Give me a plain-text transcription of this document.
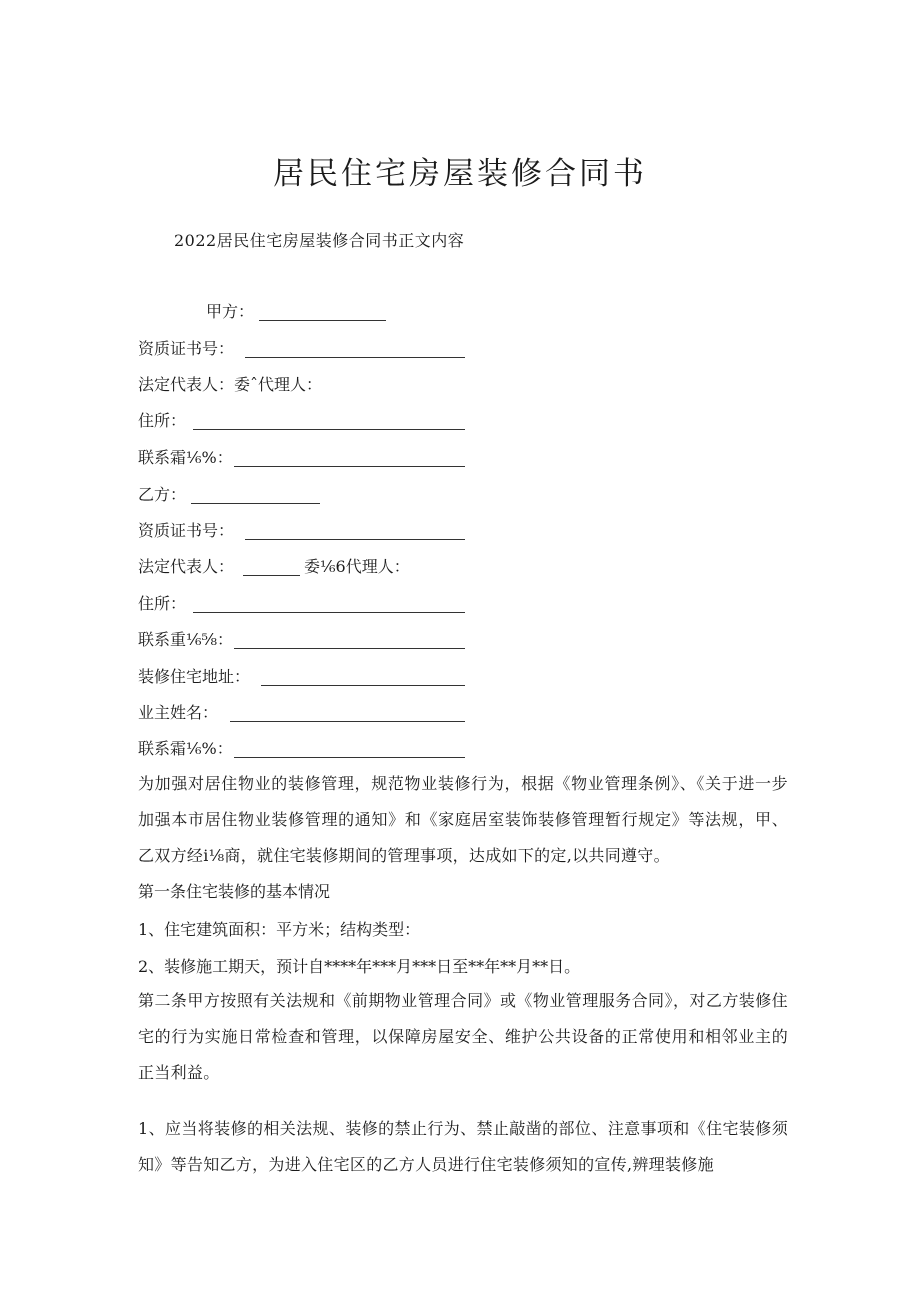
居民住宅房屋装修合同书

2022居民住宅房屋装修合同书正文内容

甲方：
资质证书号：
法定代表人：委ˆ代理人：
住所：
联系霜⅙%：
乙方：
资质证书号：
法定代表人：	委⅙6代理人：
住所：
联系重⅙⅝：
装修住宅地址：
业主姓名：
联系霜⅙%：

为加强对居住物业的装修管理，规范物业装修行为，根据《物业管理条例》、《关于进一步加强本市居住物业装修管理的通知》和《家庭居室装饰装修管理暂行规定》等法规，甲、乙双方经i⅛商，就住宅装修期间的管理事项，达成如下的定,以共同遵守。

第一条住宅装修的基本情况

1、住宅建筑面积：平方米；结构类型：

2、装修施工期天，预计自****年***月***日至**年**月**日。

第二条甲方按照有关法规和《前期物业管理合同》或《物业管理服务合同》，对乙方装修住宅的行为实施日常检查和管理，以保障房屋安全、维护公共设备的正常使用和相邻业主的正当利益。

1、应当将装修的相关法规、装修的禁止行为、禁止敲凿的部位、注意事项和《住宅装修须知》等告知乙方，为进入住宅区的乙方人员进行住宅装修须知的宣传,辨理装修施
